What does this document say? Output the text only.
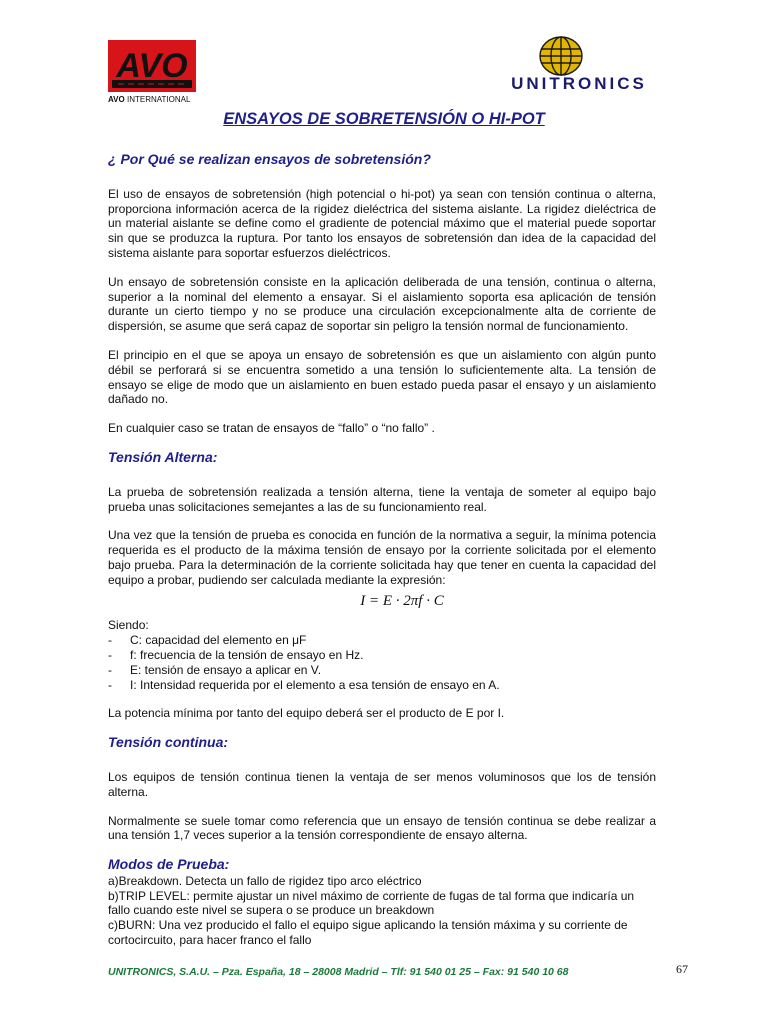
AVO
AVO INTERNATIONAL
UNITRONICS
ENSAYOS DE SOBRETENSIÓN O HI-POT
¿ Por Qué se realizan ensayos de sobretensión?

El uso de ensayos de sobretensión (high potencial o hi-pot) ya sean con tensión continua o alterna, proporciona información acerca de la rigidez dieléctrica del sistema aislante. La rigidez dieléctrica de un material aislante se define como el gradiente de potencial máximo que el material puede soportar sin que se produzca la ruptura. Por tanto los ensayos de sobretensión dan idea de la capacidad del sistema aislante para soportar esfuerzos dieléctricos.

Un ensayo de sobretensión consiste en la aplicación deliberada de una tensión, continua o alterna, superior a la nominal del elemento a ensayar. Si el aislamiento soporta esa aplicación de tensión durante un cierto tiempo y no se produce una circulación excepcionalmente alta de corriente de dispersión, se asume que será capaz de soportar sin peligro la tensión normal de funcionamiento.

El principio en el que se apoya un ensayo de sobretensión es que un aislamiento con algún punto débil se perforará si se encuentra sometido a una tensión lo suficientemente alta. La tensión de ensayo se elige de modo que un aislamiento en buen estado pueda pasar el ensayo y un aislamiento dañado no.

En cualquier caso se tratan de ensayos de “fallo” o “no fallo” .

Tensión Alterna:

La prueba de sobretensión realizada a tensión alterna, tiene la ventaja de someter al equipo bajo prueba unas solicitaciones semejantes a las de su funcionamiento real.

Una vez que la tensión de prueba es conocida en función de la normativa a seguir, la mínima potencia requerida es el producto de la máxima tensión de ensayo por la corriente solicitada por el elemento bajo prueba. Para la determinación de la corriente solicitada hay que tener en cuenta la capacidad del equipo a probar, pudiendo ser calculada mediante la expresión:

I = E · 2πf · C
Siendo:
- C: capacidad del elemento en μF
- f: frecuencia de la tensión de ensayo en Hz.
- E: tensión de ensayo a aplicar en V.
- I: Intensidad requerida por el elemento a esa tensión de ensayo en A.

La potencia mínima por tanto del equipo deberá ser el producto de E por I.

Tensión continua:

Los equipos de tensión continua tienen la ventaja de ser menos voluminosos que los de tensión alterna.

Normalmente se suele tomar como referencia que un ensayo de tensión continua se debe realizar a una tensión 1,7 veces superior a la tensión correspondiente de ensayo alterna.

Modos de Prueba:

a)Breakdown. Detecta un fallo de rigidez tipo arco eléctrico

b)TRIP LEVEL: permite ajustar un nivel máximo de corriente de fugas de tal forma que indicaría un fallo cuando este nivel se supera o se produce un breakdown

c)BURN: Una vez producido el fallo el equipo sigue aplicando la tensión máxima y su corriente de cortocircuito, para hacer franco el fallo

UNITRONICS, S.A.U. – Pza. España, 18 – 28008 Madrid – Tlf: 91 540 01 25 – Fax: 91 540 10 68	67
